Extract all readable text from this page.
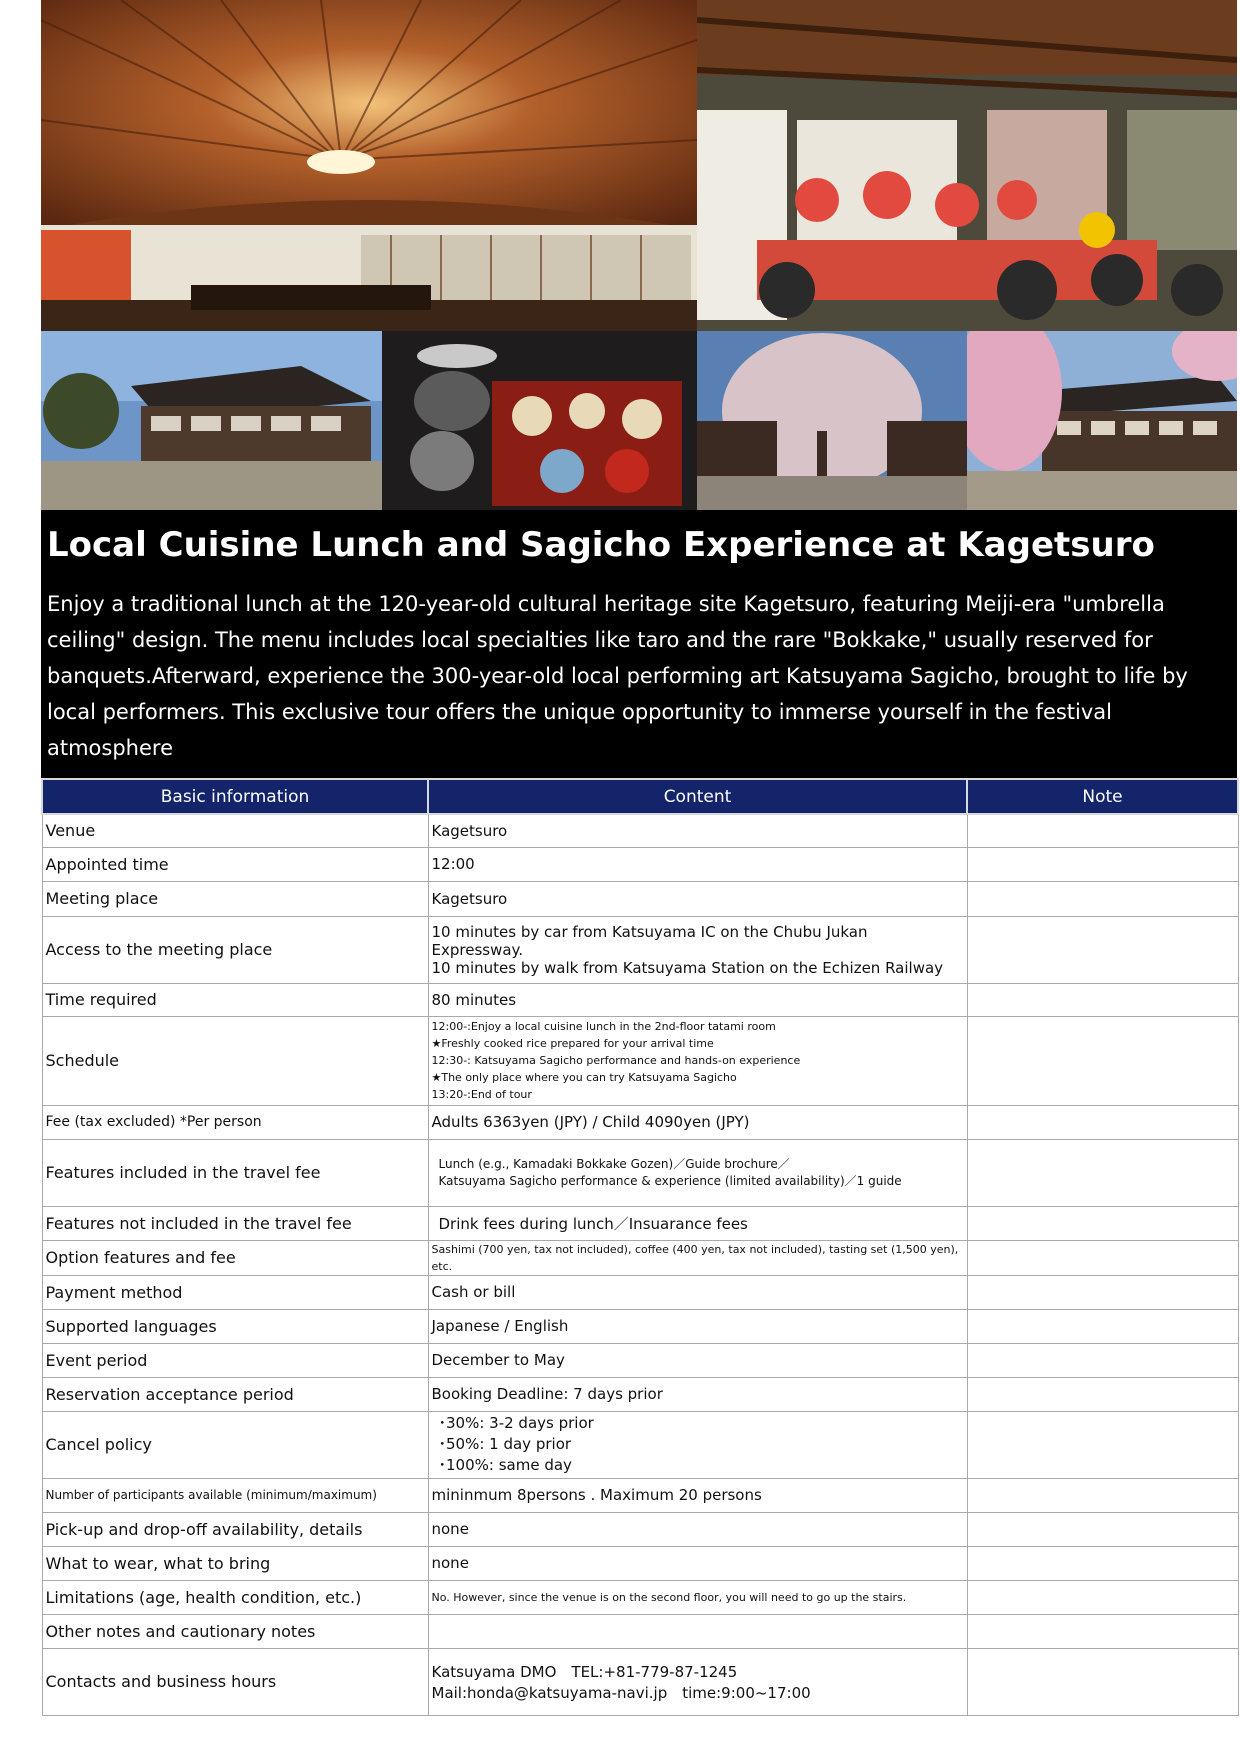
Local Cuisine Lunch and Sagicho Experience at Kagetsuro

Enjoy a traditional lunch at the 120-year-old cultural heritage site Kagetsuro, featuring Meiji-era "umbrella ceiling" design. The menu includes local specialties like taro and the rare "Bokkake," usually reserved for banquets.Afterward, experience the 300-year-old local performing art Katsuyama Sagicho, brought to life by local performers. This exclusive tour offers the unique opportunity to immerse yourself in the festival atmosphere

Basic information	Content	Note
Venue	Kagetsuro	
Appointed time	12:00	
Meeting place	Kagetsuro	
Access to the meeting place	10 minutes by car from Katsuyama IC on the Chubu Jukan Expressway.
10 minutes by walk from Katsuyama Station on the Echizen Railway	
Time required	80 minutes	
Schedule	12:00-:Enjoy a local cuisine lunch in the 2nd-floor tatami room
★Freshly cooked rice prepared for your arrival time
12:30-: Katsuyama Sagicho performance and hands-on experience
★The only place where you can try Katsuyama Sagicho
13:20-:End of tour	
Fee (tax excluded) *Per person	Adults 6363yen (JPY) / Child 4090yen (JPY)	
Features included in the travel fee	Lunch (e.g., Kamadaki Bokkake Gozen)／Guide brochure／
Katsuyama Sagicho performance & experience (limited availability)／1 guide	
Features not included in the travel fee	Drink fees during lunch／Insuarance fees	
Option features and fee	Sashimi (700 yen, tax not included), coffee (400 yen, tax not included), tasting set (1,500 yen), etc.	
Payment method	Cash or bill	
Supported languages	Japanese / English	
Event period	December to May	
Reservation acceptance period	Booking Deadline: 7 days prior	
Cancel policy	･30%: 3-2 days prior
･50%: 1 day prior
･100%: same day	
Number of participants available (minimum/maximum)	mininmum 8persons . Maximum 20 persons	
Pick-up and drop-off availability, details	none	
What to wear, what to bring	none	
Limitations (age, health condition, etc.)	No. However, since the venue is on the second floor, you will need to go up the stairs.	
Other notes and cautionary notes		
Contacts and business hours	Katsuyama DMO　TEL:+81-779-87-1245
Mail:honda@katsuyama-navi.jp　time:9:00~17:00	
